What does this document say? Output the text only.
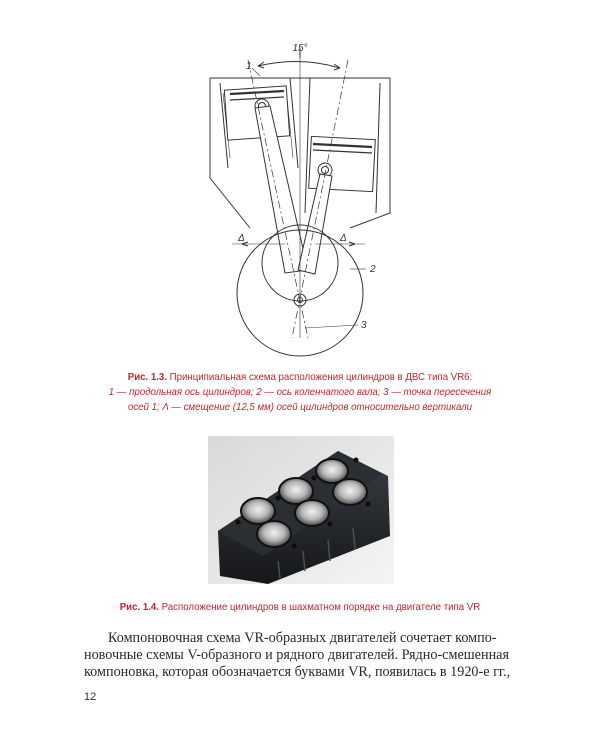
15°
1
2
3
Δ	Δ
Рис. 1.3. Принципиальная схема расположения цилиндров в ДВС типа VR6:
1 — продольная ось цилиндров; 2 — ось коленчатого вала; 3 — точка пересечения
осей 1; Λ — смещение (12,5 мм) осей цилиндров относительно вертикали
Рис. 1.4. Расположение цилиндров в шахматном порядке на двигателе типа VR

Компоновочная схема VR-образных двигателей сочетает компо-

новочные схемы V-образного и рядного двигателей. Рядно-смешенная
компоновка, которая обозначается буквами VR, появилась в 1920-е гг.,
12
